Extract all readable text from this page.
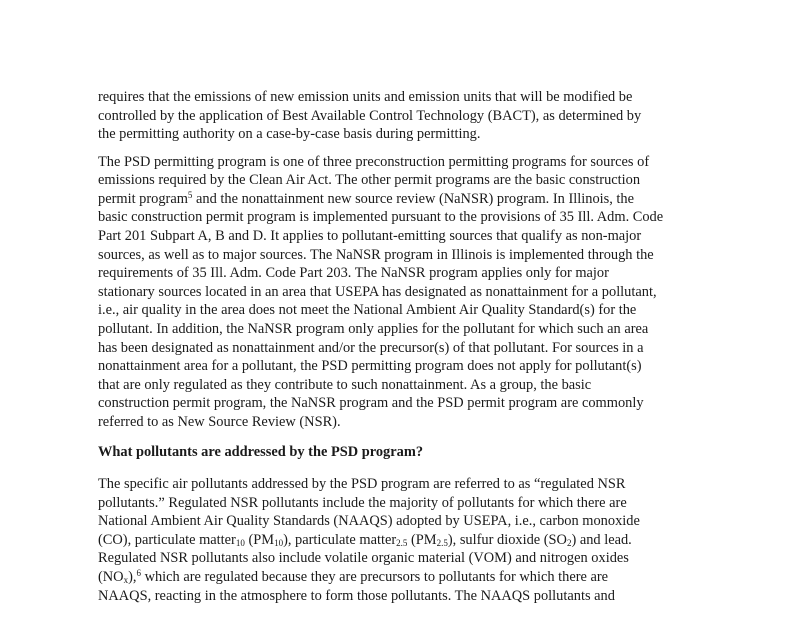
requires that the emissions of new emission units and emission units that will be modified be
controlled by the application of Best Available Control Technology (BACT), as determined by
the permitting authority on a case-by-case basis during permitting.

The PSD permitting program is one of three preconstruction permitting programs for sources of
emissions required by the Clean Air Act. The other permit programs are the basic construction
permit program$^5$ and the nonattainment new source review (NaNSR) program. In Illinois, the
basic construction permit program is implemented pursuant to the provisions of 35 Ill. Adm. Code
Part 201 Subpart A, B and D. It applies to pollutant-emitting sources that qualify as non-major
sources, as well as to major sources. The NaNSR program in Illinois is implemented through the
requirements of 35 Ill. Adm. Code Part 203. The NaNSR program applies only for major
stationary sources located in an area that USEPA has designated as nonattainment for a pollutant,
i.e., air quality in the area does not meet the National Ambient Air Quality Standard(s) for the
pollutant. In addition, the NaNSR program only applies for the pollutant for which such an area
has been designated as nonattainment and/or the precursor(s) of that pollutant. For sources in a
nonattainment area for a pollutant, the PSD permitting program does not apply for pollutant(s)
that are only regulated as they contribute to such nonattainment. As a group, the basic
construction permit program, the NaNSR program and the PSD permit program are commonly
referred to as New Source Review (NSR).

What pollutants are addressed by the PSD program?

The specific air pollutants addressed by the PSD program are referred to as “regulated NSR
pollutants.” Regulated NSR pollutants include the majority of pollutants for which there are
National Ambient Air Quality Standards (NAAQS) adopted by USEPA, i.e., carbon monoxide
(CO), particulate matter$_{10}$ $(PM_{10})$, particulate matter$_{2.5}$ $(PM_{2.5})$, sulfur dioxide $(SO_2)$ and lead.
Regulated NSR pollutants also include volatile organic material (VOM) and nitrogen oxides
$(NO_x),^6$ which are regulated because they are precursors to pollutants for which there are
NAAQS, reacting in the atmosphere to form those pollutants. The NAAQS pollutants and
